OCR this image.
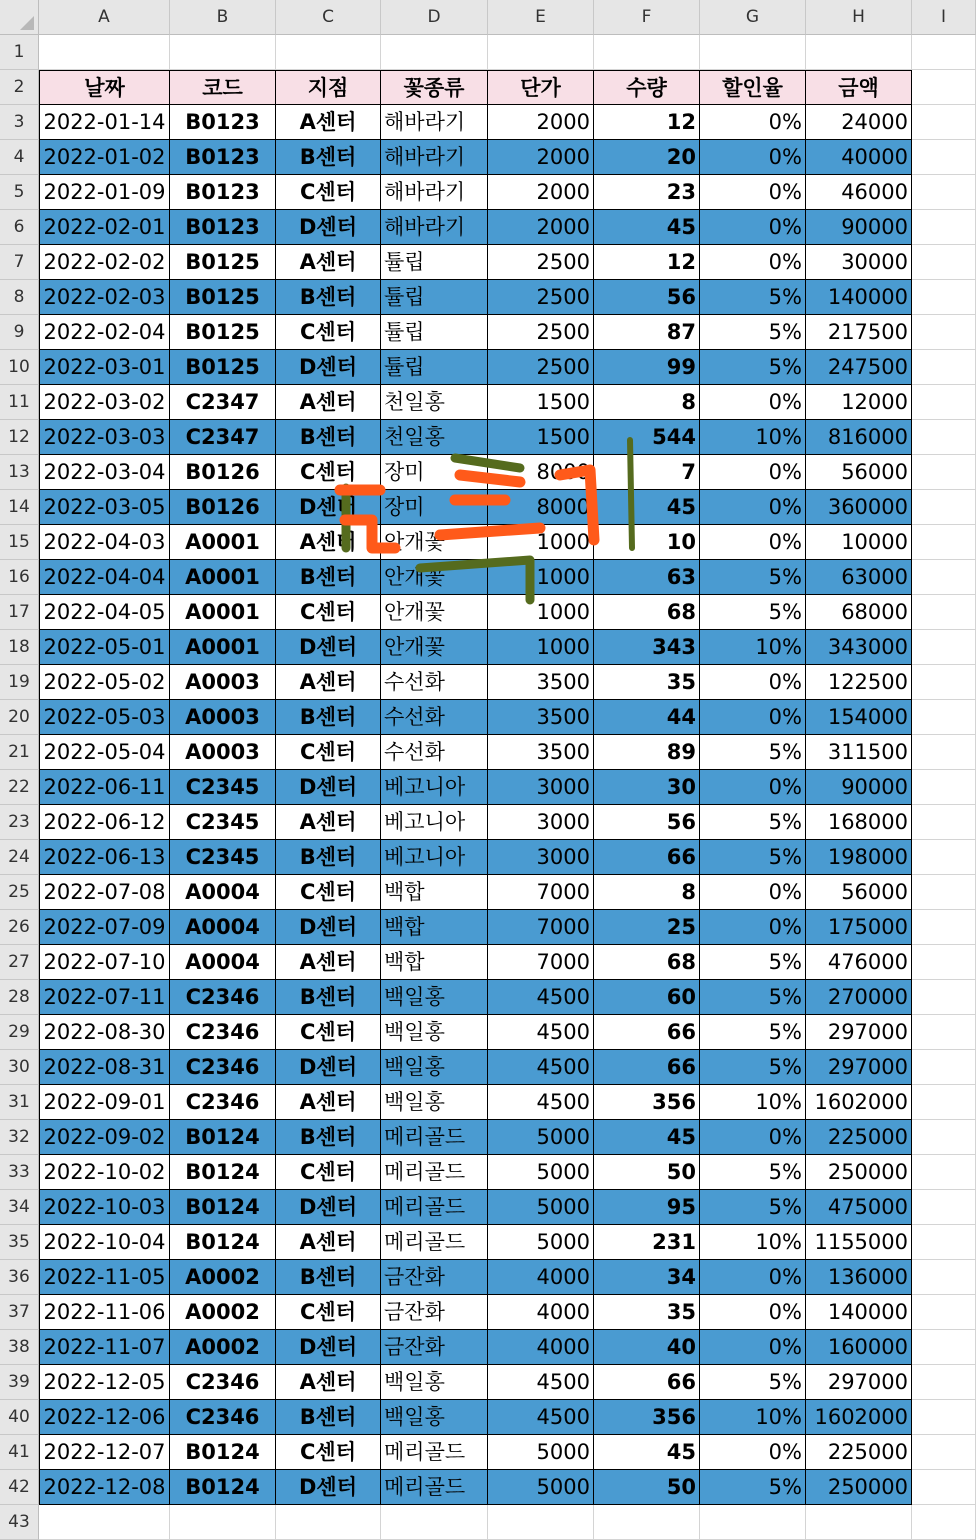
A	B	C	D	E	F	G	H	I
1
2	날짜	코드	지점	꽃종류	단가	수량	할인율	금액
3 2022-01-14 B0123	A센터	해바라기	2000	12	0%	24000
4 2022-01-02 B0123	B센터	해바라기	2000	20	0%	40000
5 2022-01-09 B0123	C센터	해바라기	2000	23	0%	46000
6 2022-02-01 B0123	D센터	해바라기	2000	45	0%	90000
7 2022-02-02 B0125	A센터	튤립	2500	12	0%	30000
8 2022-02-03 B0125	B센터	튤립	2500	56	5%	140000
9 2022-02-04 B0125	C센터	튤립	2500	87	5%	217500
10 2022-03-01 B0125	D센터	튤립	2500	99	5%	247500
11 2022-03-02 C2347	A센터	천일홍	1500	8	0%	12000
12 2022-03-03 C2347	B센터	천일홍	1500	544	10%	816000
13 2022-03-04 B0126	C센터	장미	8000	7	0%	56000
14 2022-03-05 B0126	D센터	장미	8000	45	0%	360000
15 2022-04-03 A0001	A센터	안개꽃	1000	10	0%	10000
16 2022-04-04 A0001	B센터	안개꽃	1000	63	5%	63000
17 2022-04-05 A0001	C센터	안개꽃	1000	68	5%	68000
18 2022-05-01 A0001	D센터	안개꽃	1000	343	10%	343000
19 2022-05-02 A0003	A센터	수선화	3500	35	0%	122500
20 2022-05-03 A0003	B센터	수선화	3500	44	0%	154000
21 2022-05-04 A0003	C센터	수선화	3500	89	5%	311500
22 2022-06-11 C2345	D센터	베고니아	3000	30	0%	90000
23 2022-06-12 C2345	A센터	베고니아	3000	56	5%	168000
24 2022-06-13 C2345	B센터	베고니아	3000	66	5%	198000
25 2022-07-08 A0004	C센터	백합	7000	8	0%	56000
26 2022-07-09 A0004	D센터	백합	7000	25	0%	175000
27 2022-07-10 A0004	A센터	백합	7000	68	5%	476000
28 2022-07-11 C2346	B센터	백일홍	4500	60	5%	270000
29 2022-08-30 C2346	C센터	백일홍	4500	66	5%	297000
30 2022-08-31 C2346	D센터	백일홍	4500	66	5%	297000
31 2022-09-01 C2346	A센터	백일홍	4500	356	10% 1602000
32 2022-09-02 B0124	B센터	메리골드	5000	45	0%	225000
33 2022-10-02 B0124	C센터	메리골드	5000	50	5%	250000
34 2022-10-03 B0124	D센터	메리골드	5000	95	5%	475000
35 2022-10-04 B0124	A센터	메리골드	5000	231	10% 1155000
36 2022-11-05 A0002	B센터	금잔화	4000	34	0%	136000
37 2022-11-06 A0002	C센터	금잔화	4000	35	0%	140000
38 2022-11-07 A0002	D센터	금잔화	4000	40	0%	160000
39 2022-12-05 C2346	A센터	백일홍	4500	66	5%	297000
40 2022-12-06 C2346	B센터	백일홍	4500	356	10% 1602000
41 2022-12-07 B0124	C센터	메리골드	5000	45	0%	225000
42 2022-12-08 B0124	D센터	메리골드	5000	50	5%	250000
43
